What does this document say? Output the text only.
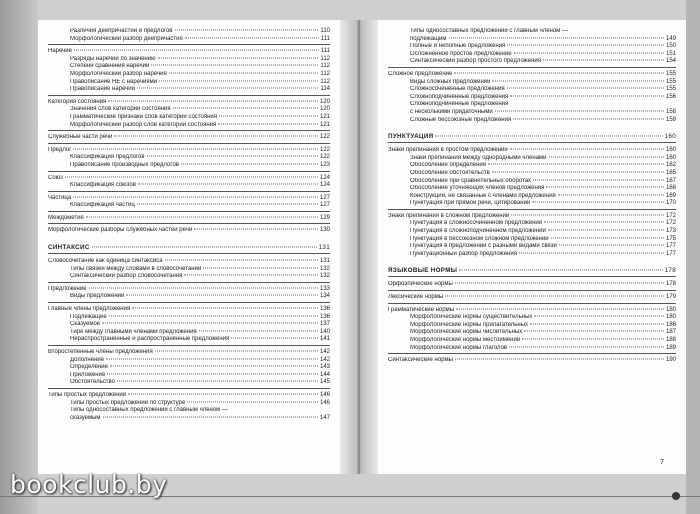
Различия деепричастий и предлогов	110
Морфологический разбор деепричастия	111
Наречие	111
Разряды наречий по значению	112
Степени сравнения наречий	112
Морфологический разбор наречия	112
Правописание НЕ с наречиями	112
Правописание наречий	114
Категория состояния	120
Значения слов категории состояния	120
Грамматические признаки слов категории состояния	121
Морфологический разбор слов категории состояния	121
Служебные части речи	122
Предлог	122
Классификация предлогов	122
Правописание производных предлогов	123
Союз	124
Классификация союзов	124
Частица	127
Классификация частиц	127
Междометия	129
Морфологические разборы служебных частей речи	130
СИНТАКСИС	131
Словосочетание как единица синтаксиса	131
Типы связей между словами в словосочетании	132
Синтаксический разбор словосочетания	132
Предложение	133
Виды предложений	134
Главные члены предложения	136
Подлежащее	136
Сказуемое	137
Тире между главными членами предложения	140
Нераспространённые и распространённые предложения	141
Второстепенные члены предложения	142
Дополнение	142
Определение	143
Приложение	144
Обстоятельство	145
Типы простых предложений	146
Типы простых предложений по структуре	146
Типы односоставных предложений с главным членом —
сказуемым	147
Типы односоставных предложений с главным членом —
подлежащим	149
Полные и неполные предложения	150
Осложнённое простое предложение	151
Синтаксический разбор простого предложения	154
Сложное предложение	155
Виды сложных предложений	155
Сложносочинённые предложения	155
Сложноподчинённые предложения	156
Сложноподчинённые предложения
с несколькими придаточными	158
Сложные бессоюзные предложения	159
ПУНКТУАЦИЯ	160
Знаки препинания в простом предложении	160
Знаки препинания между однородными членами	160
Обособление определений	162
Обособление обстоятельств	165
Обособление при сравнительных оборотах	167
Обособление уточняющих членов предложения	168
Конструкции, не связанные с членами предложения	169
Пунктуация при прямой речи, цитировании	170
Знаки препинания в сложном предложении	172
Пунктуация в сложносочинённом предложении	172
Пунктуация в сложноподчинённом предложении	173
Пунктуация в бессоюзном сложном предложении	175
Пунктуация в предложении с разными видами связи	177
Пунктуационный разбор предложения	177
ЯЗЫКОВЫЕ НОРМЫ	178
Орфоэпические нормы	178
Лексические нормы	179
Грамматические нормы	180
Морфологические нормы существительных	180
Морфологические нормы прилагательных	186
Морфологические нормы числительных	187
Морфологические нормы местоимений	188
Морфологические нормы глаголов	189
Синтаксические нормы	190
7
bookclub.by
